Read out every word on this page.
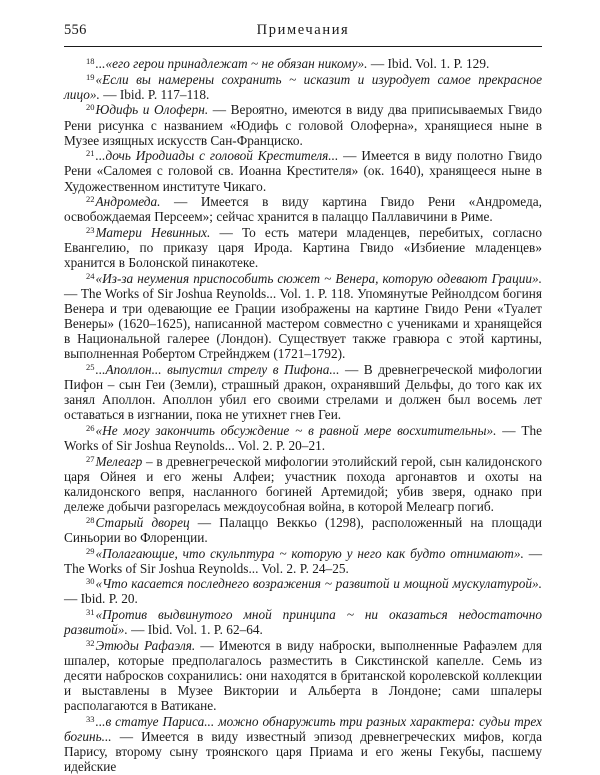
556	Примечания

$^{18}$...«его герои принадлежат ~ не обязан никому». — Ibid. Vol. 1. P. 129.

$^{19}$«Если вы намерены сохранить ~ исказит и изуродует самое прекрасное лицо». — Ibid. P. 117–118.

$^{20}$Юдифь и Олоферн. — Вероятно, имеются в виду два приписываемых Гвидо Рени рисунка с названием «Юдифь с головой Олоферна», хранящиеся ныне в Музее изящных искусств Сан-Франциско.

$^{21}$...дочь Иродиады с головой Крестителя... — Имеется в виду полотно Гвидо Рени «Саломея с головой св. Иоанна Крестителя» (ок. 1640), хранящееся ныне в Художественном институте Чикаго.

$^{22}$Андромеда. — Имеется в виду картина Гвидо Рени «Андромеда, освобождаемая Персеем»; сейчас хранится в палаццо Паллавичини в Риме.

$^{23}$Матери Невинных. — То есть матери младенцев, перебитых, согласно Евангелию, по приказу царя Ирода. Картина Гвидо «Избиение младенцев» хранится в Болонской пинакотеке.

$^{24}$«Из-за неумения приспособить сюжет ~ Венера, которую одевают Грации». — The Works of Sir Joshua Reynolds... Vol. 1. P. 118. Упомянутые Рейнолдсом богиня Венера и три одевающие ее Грации изображены на картине Гвидо Рени «Туалет Венеры» (1620–1625), написанной мастером совместно с учениками и хранящейся в Национальной галерее (Лондон). Существует также гравюра с этой картины, выполненная Робертом Стрейнджем (1721–1792).

$^{25}$...Аполлон... выпустил стрелу в Пифона... — В древнегреческой мифологии Пифон – сын Геи (Земли), страшный дракон, охранявший Дельфы, до того как их занял Аполлон. Аполлон убил его своими стрелами и должен был восемь лет оставаться в изгнании, пока не утихнет гнев Геи.

$^{26}$«Не могу закончить обсуждение ~ в равной мере восхитительны». — The Works of Sir Joshua Reynolds... Vol. 2. P. 20–21.

$^{27}$Мелеагр – в древнегреческой мифологии этолийский герой, сын калидонского царя Ойнея и его жены Алфеи; участник похода аргонавтов и охоты на калидонского вепря, насланного богиней Артемидой; убив зверя, однако при дележе добычи разгорелась междоусобная война, в которой Мелеагр погиб.

$^{28}$Старый дворец — Палаццо Веккьо (1298), расположенный на площади Синьории во Флоренции.

$^{29}$«Полагающие, что скульптура ~ которую у него как будто отнимают». — The Works of Sir Joshua Reynolds... Vol. 2. P. 24–25.

$^{30}$«Что касается последнего возражения ~ развитой и мощной мускулатурой». — Ibid. P. 20.

$^{31}$«Против выдвинутого мной принципа ~ ни оказаться недостаточно развитой». — Ibid. Vol. 1. P. 62–64.

$^{32}$Этюды Рафаэля. — Имеются в виду наброски, выполненные Рафаэлем для шпалер, которые предполагалось разместить в Сикстинской капелле. Семь из десяти набросков сохранились: они находятся в британской королевской коллекции и выставлены в Музее Виктории и Альберта в Лондоне; сами шпалеры располагаются в Ватикане.

$^{33}$...в статуе Париса... можно обнаружить три разных характера: судьи трех богинь... — Имеется в виду известный эпизод древнегреческих мифов, когда Парису, второму сыну троянского царя Приама и его жены Гекубы, пасшему идейские
